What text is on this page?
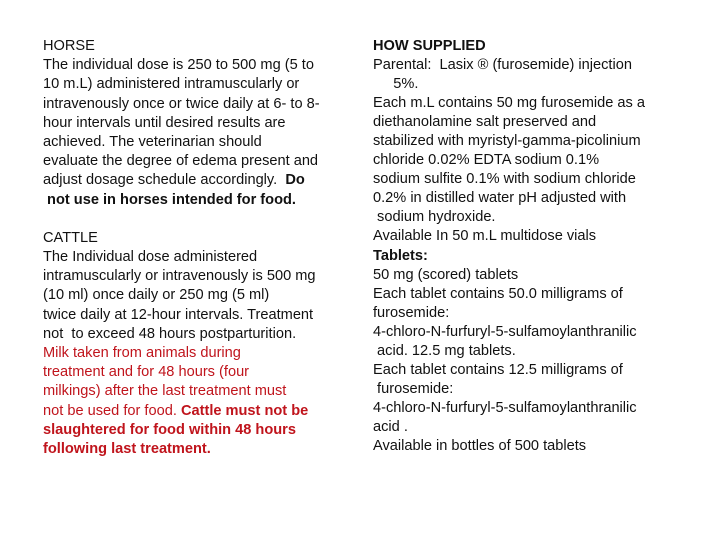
HORSE
The individual dose is 250 to 500 mg (5 to
10 m.L) administered intramuscularly or
intravenously once or twice daily at 6- to 8-
hour intervals until desired results are
achieved. The veterinarian should
evaluate the degree of edema present and
adjust dosage schedule accordingly.  Do
not use in horses intended for food.
CATTLE
The Individual dose administered
intramuscularly or intravenously is 500 mg
(10 ml) once daily or 250 mg (5 ml)
twice daily at 12-hour intervals. Treatment
not  to exceed 48 hours postparturition.
Milk taken from animals during
treatment and for 48 hours (four
milkings) after the last treatment must
not be used for food. Cattle must not be
slaughtered for food within 48 hours
following last treatment.
HOW SUPPLIED
Parental:  Lasix ® (furosemide) injection
5%.
Each m.L contains 50 mg furosemide as a
diethanolamine salt preserved and
stabilized with myristyl-gamma-picolinium
chloride 0.02% EDTA sodium 0.1%
sodium sulfite 0.1% with sodium chloride
0.2% in distilled water pH adjusted with
sodium hydroxide.
Available In 50 m.L multidose vials
Tablets:
50 mg (scored) tablets
Each tablet contains 50.0 milligrams of
furosemide:
4-chloro-N-furfuryl-5-sulfamoylanthranilic
acid. 12.5 mg tablets.
Each tablet contains 12.5 milligrams of
furosemide:
4-chloro-N-furfuryl-5-sulfamoylanthranilic
acid .
Available in bottles of 500 tablets
